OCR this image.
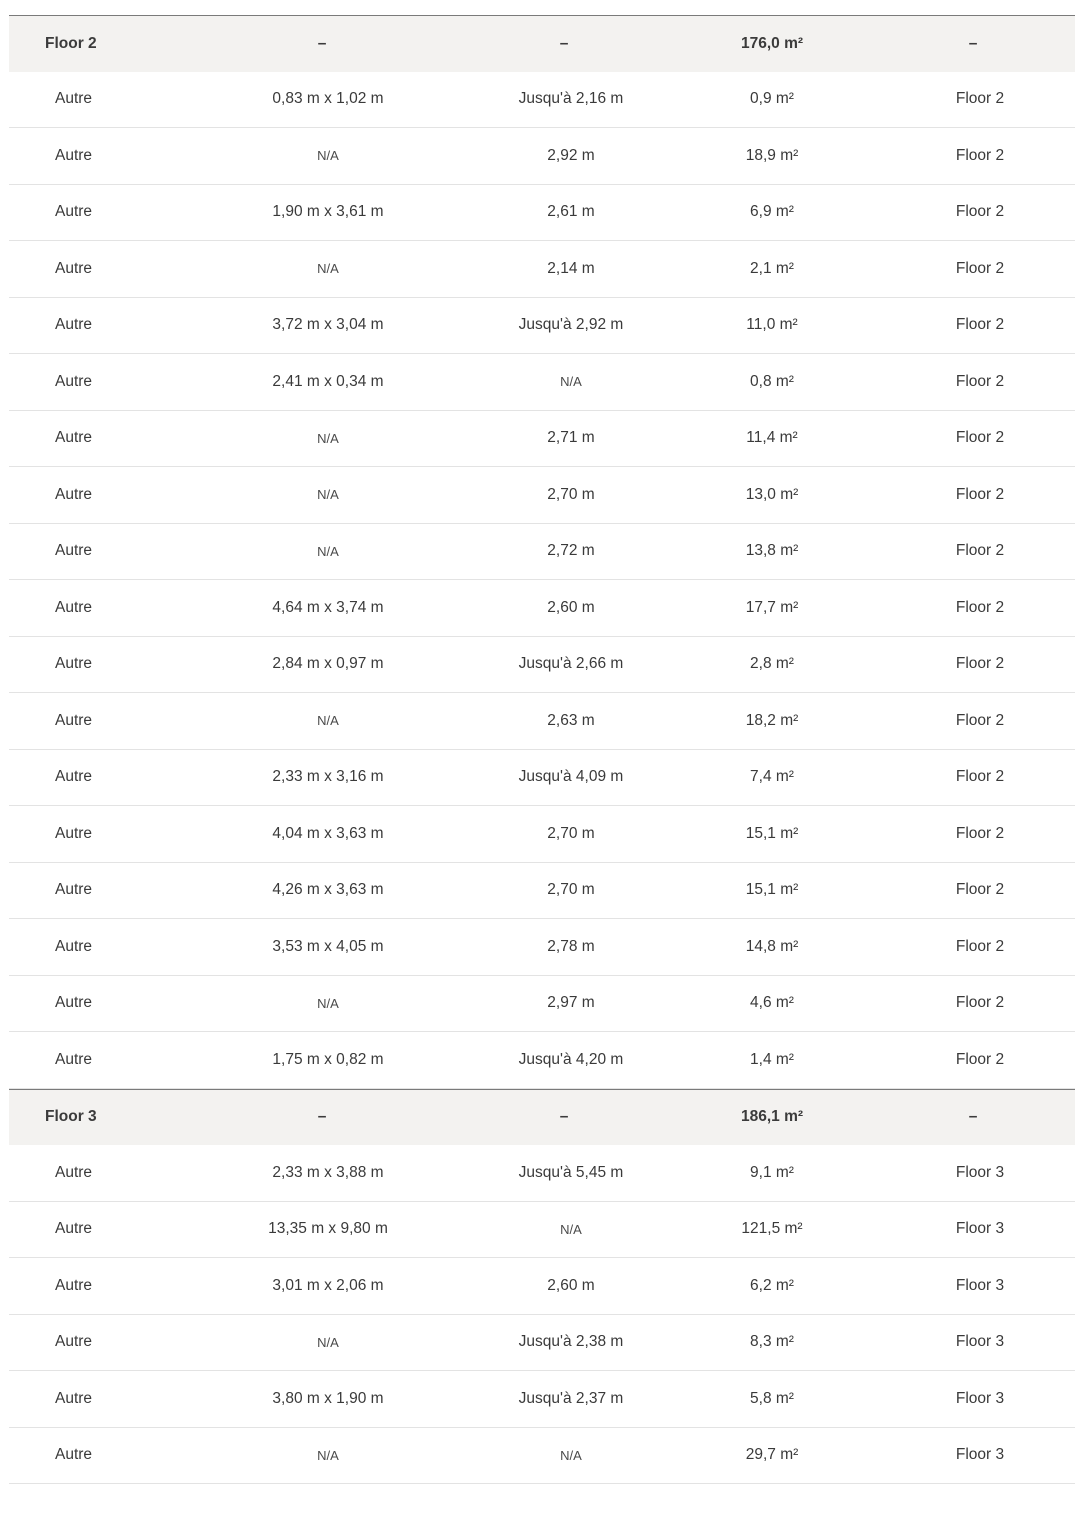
Floor 2	–	–	176,0 m²	–
Autre	0,83 m x 1,02 m	Jusqu'à 2,16 m	0,9 m²	Floor 2
Autre	N/A	2,92 m	18,9 m²	Floor 2
Autre	1,90 m x 3,61 m	2,61 m	6,9 m²	Floor 2
Autre	N/A	2,14 m	2,1 m²	Floor 2
Autre	3,72 m x 3,04 m	Jusqu'à 2,92 m	11,0 m²	Floor 2
Autre	2,41 m x 0,34 m	N/A	0,8 m²	Floor 2
Autre	N/A	2,71 m	11,4 m²	Floor 2
Autre	N/A	2,70 m	13,0 m²	Floor 2
Autre	N/A	2,72 m	13,8 m²	Floor 2
Autre	4,64 m x 3,74 m	2,60 m	17,7 m²	Floor 2
Autre	2,84 m x 0,97 m	Jusqu'à 2,66 m	2,8 m²	Floor 2
Autre	N/A	2,63 m	18,2 m²	Floor 2
Autre	2,33 m x 3,16 m	Jusqu'à 4,09 m	7,4 m²	Floor 2
Autre	4,04 m x 3,63 m	2,70 m	15,1 m²	Floor 2
Autre	4,26 m x 3,63 m	2,70 m	15,1 m²	Floor 2
Autre	3,53 m x 4,05 m	2,78 m	14,8 m²	Floor 2
Autre	N/A	2,97 m	4,6 m²	Floor 2
Autre	1,75 m x 0,82 m	Jusqu'à 4,20 m	1,4 m²	Floor 2
Floor 3	–	–	186,1 m²	–
Autre	2,33 m x 3,88 m	Jusqu'à 5,45 m	9,1 m²	Floor 3
Autre	13,35 m x 9,80 m	N/A	121,5 m²	Floor 3
Autre	3,01 m x 2,06 m	2,60 m	6,2 m²	Floor 3
Autre	N/A	Jusqu'à 2,38 m	8,3 m²	Floor 3
Autre	3,80 m x 1,90 m	Jusqu'à 2,37 m	5,8 m²	Floor 3
Autre	N/A	N/A	29,7 m²	Floor 3
